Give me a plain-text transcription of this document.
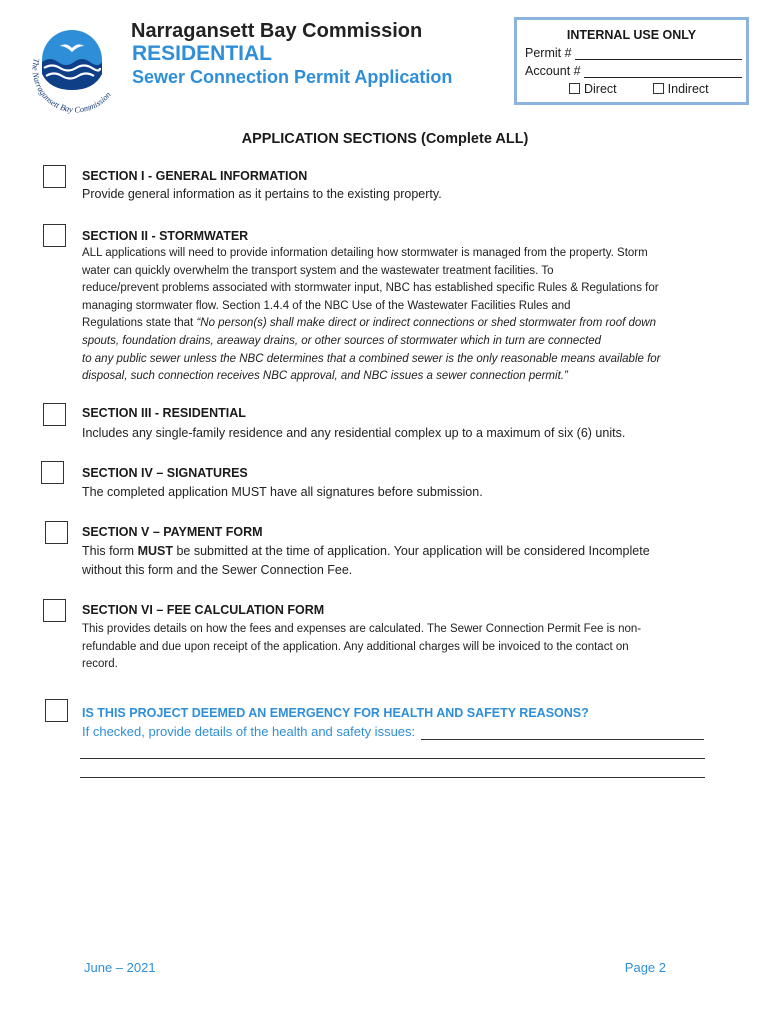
The Narragansett Bay Commission
Narragansett Bay Commission
RESIDENTIAL
Sewer Connection Permit Application
INTERNAL USE ONLY
Permit #
Account #
Direct	Indirect
APPLICATION SECTIONS (Complete ALL)
SECTION I - GENERAL INFORMATION
Provide general information as it pertains to the existing property.
SECTION II - STORMWATER

ALL applications will need to provide information detailing how stormwater is managed from the property. Storm

water can quickly overwhelm the transport system and the wastewater treatment facilities. To

reduce/prevent problems associated with stormwater input, NBC has established specific Rules & Regulations for

managing stormwater flow. Section 1.4.4 of the NBC Use of the Wastewater Facilities Rules and

Regulations state that “No person(s) shall make direct or indirect connections or shed stormwater from roof down

spouts, foundation drains, areaway drains, or other sources of stormwater which in turn are connected

to any public sewer unless the NBC determines that a combined sewer is the only reasonable means available for

disposal, such connection receives NBC approval, and NBC issues a sewer connection permit.”

SECTION III - RESIDENTIAL
Includes any single-family residence and any residential complex up to a maximum of six (6) units.
SECTION IV – SIGNATURES
The completed application MUST have all signatures before submission.
SECTION V – PAYMENT FORM
This form MUST be submitted at the time of application. Your application will be considered Incomplete
without this form and the Sewer Connection Fee.
SECTION VI – FEE CALCULATION FORM

This provides details on how the fees and expenses are calculated. The Sewer Connection Permit Fee is non-

refundable and due upon receipt of the application. Any additional charges will be invoiced to the contact on

record.

IS THIS PROJECT DEEMED AN EMERGENCY FOR HEALTH AND SAFETY REASONS?
If checked, provide details of the health and safety issues:
June – 2021	Page 2
